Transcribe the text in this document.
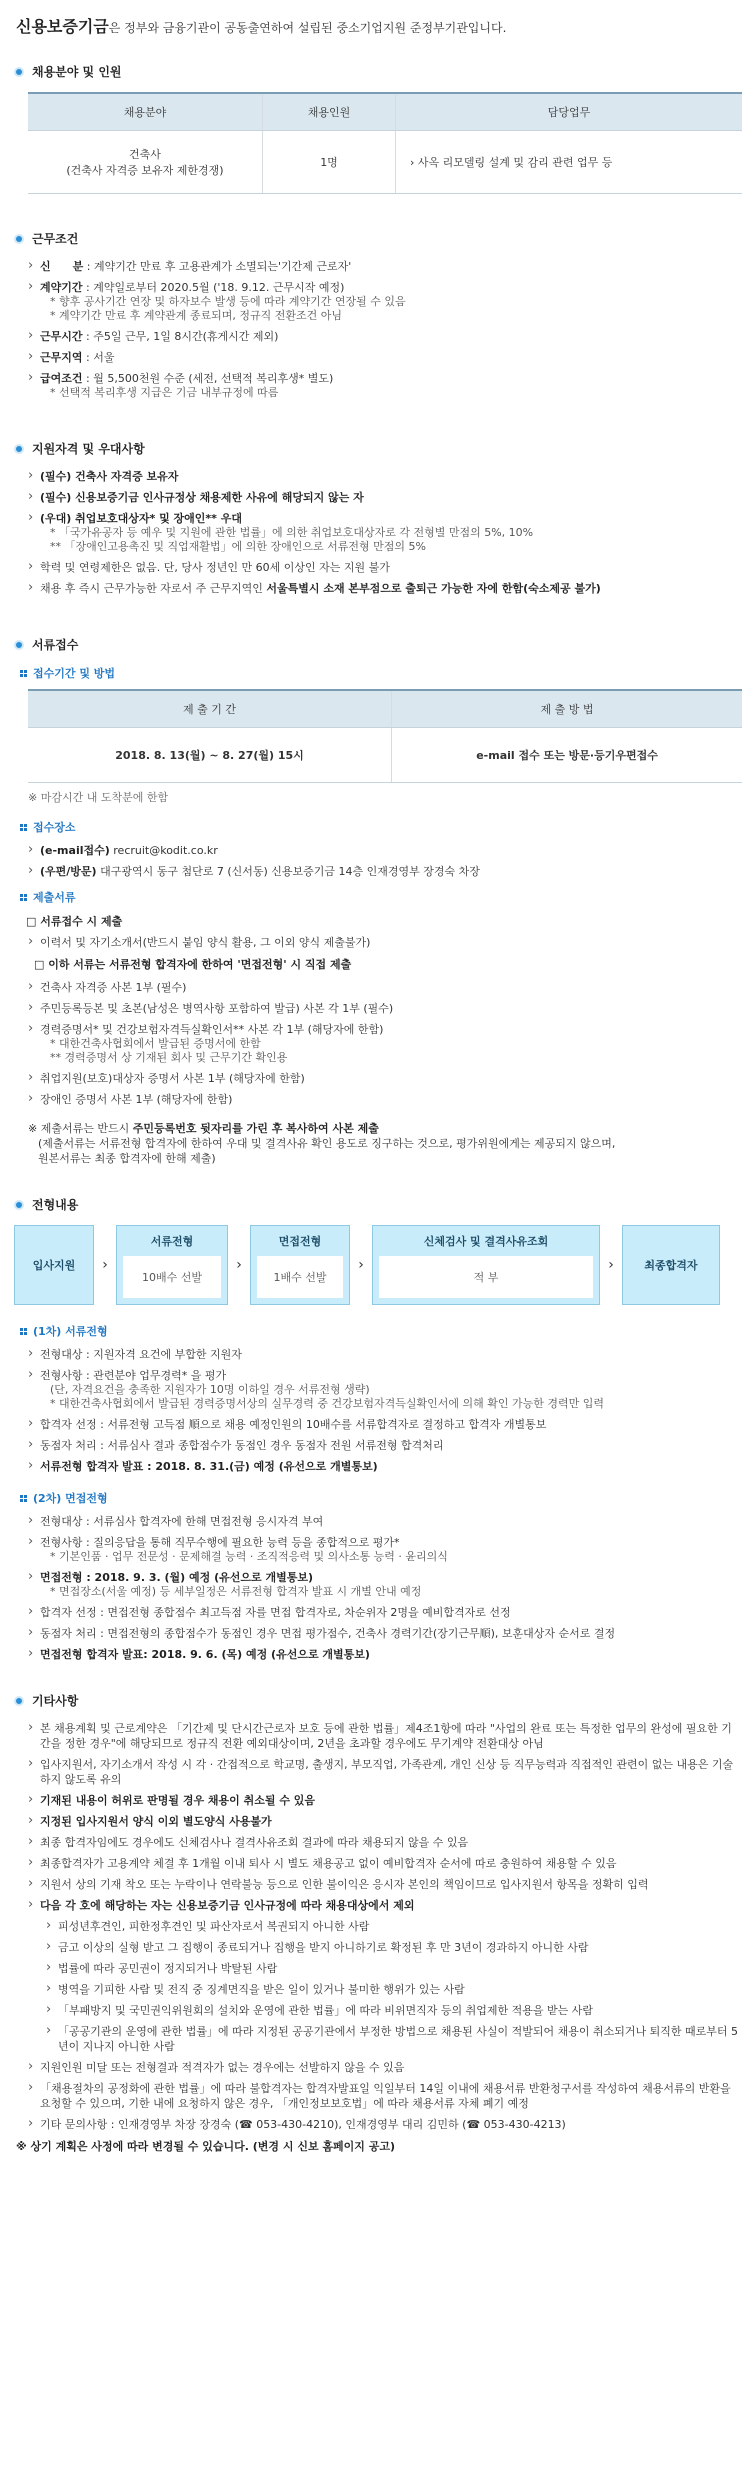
신용보증기금은 정부와 금융기관이 공동출연하여 설립된 중소기업지원 준정부기관입니다.
채용분야 및 인원
채용분야	채용인원	담당업무

건축사
(건축사 자격증 보유자 제한경쟁)	1명	› 사옥 리모델링 설계 및 감리 관련 업무 등
근무조건
› 신　　분 : 계약기간 만료 후 고용관계가 소멸되는'기간제 근로자'
› 계약기간 : 계약일로부터 2020.5월 ('18. 9.12. 근무시작 예정)
* 향후 공사기간 연장 및 하자보수 발생 등에 따라 계약기간 연장될 수 있음
* 계약기간 만료 후 계약관계 종료되며, 정규직 전환조건 아님
› 근무시간 : 주5일 근무, 1일 8시간(휴게시간 제외)
› 근무지역 : 서울
› 급여조건 : 월 5,500천원 수준 (세전, 선택적 복리후생* 별도)
* 선택적 복리후생 지급은 기금 내부규정에 따름
지원자격 및 우대사항
› (필수) 건축사 자격증 보유자
› (필수) 신용보증기금 인사규정상 채용제한 사유에 해당되지 않는 자
› (우대) 취업보호대상자* 및 장애인** 우대
* 「국가유공자 등 예우 및 지원에 관한 법률」에 의한 취업보호대상자로 각 전형별 만점의 5%, 10%
** 「장애인고용촉진 및 직업재활법」에 의한 장애인으로 서류전형 만점의 5%
› 학력 및 연령제한은 없음. 단, 당사 정년인 만 60세 이상인 자는 지원 불가
› 채용 후 즉시 근무가능한 자로서 주 근무지역인 서울특별시 소재 본부점으로 출퇴근 가능한 자에 한함(숙소제공 불가)
서류접수
접수기간 및 방법
제 출 기 간	제 출 방 법
2018. 8. 13(월) ~ 8. 27(월) 15시	e-mail 접수 또는 방문·등기우편접수
※ 마감시간 내 도착분에 한함
접수장소
› (e-mail접수) recruit@kodit.co.kr
› (우편/방문) 대구광역시 동구 첨단로 7 (신서동) 신용보증기금 14층 인재경영부 장경숙 차장
제출서류
□ 서류접수 시 제출
› 이력서 및 자기소개서(반드시 붙임 양식 활용, 그 이외 양식 제출불가)
□ 이하 서류는 서류전형 합격자에 한하여 '면접전형' 시 직접 제출
› 건축사 자격증 사본 1부 (필수)
› 주민등록등본 및 초본(남성은 병역사항 포함하여 발급) 사본 각 1부 (필수)
› 경력증명서* 및 건강보험자격득실확인서** 사본 각 1부 (해당자에 한함)
* 대한건축사협회에서 발급된 증명서에 한함
** 경력증명서 상 기재된 회사 및 근무기간 확인용
› 취업지원(보호)대상자 증명서 사본 1부 (해당자에 한함)
› 장애인 증명서 사본 1부 (해당자에 한함)
※ 제출서류는 반드시 주민등록번호 뒷자리를 가린 후 복사하여 사본 제출
(제출서류는 서류전형 합격자에 한하여 우대 및 결격사유 확인 용도로 징구하는 것으로, 평가위원에게는 제공되지 않으며,
원본서류는 최종 합격자에 한해 제출)
전형내용
입사지원	›
서류전형
10배수 선발
›
면접전형
1배수 선발
›
신체검사 및 결격사유조회
적 부
›	최종합격자
(1차) 서류전형
› 전형대상 : 지원자격 요건에 부합한 지원자
› 전형사항 : 관련분야 업무경력* 을 평가
(단, 자격요건을 충족한 지원자가 10명 이하일 경우 서류전형 생략)
* 대한건축사협회에서 발급된 경력증명서상의 실무경력 중 건강보험자격득실확인서에 의해 확인 가능한 경력만 입력
› 합격자 선정 : 서류전형 고득점 順으로 채용 예정인원의 10배수를 서류합격자로 결정하고 합격자 개별통보
› 동점자 처리 : 서류심사 결과 종합점수가 동점인 경우 동점자 전원 서류전형 합격처리
› 서류전형 합격자 발표 : 2018. 8. 31.(금) 예정 (유선으로 개별통보)
(2차) 면접전형
› 전형대상 : 서류심사 합격자에 한해 면접전형 응시자격 부여
› 전형사항 : 질의응답을 통해 직무수행에 필요한 능력 등을 종합적으로 평가*
* 기본인품 · 업무 전문성 · 문제해결 능력 · 조직적응력 및 의사소통 능력 · 윤리의식
› 면접전형 : 2018. 9. 3. (월) 예정 (유선으로 개별통보)
* 면접장소(서울 예정) 등 세부일정은 서류전형 합격자 발표 시 개별 안내 예정
› 합격자 선정 : 면접전형 종합점수 최고득점 자를 면접 합격자로, 차순위자 2명을 예비합격자로 선정
› 동점자 처리 : 면접전형의 종합점수가 동점인 경우 면접 평가점수, 건축사 경력기간(장기근무順), 보훈대상자 순서로 결정
› 면접전형 합격자 발표: 2018. 9. 6. (목) 예정 (유선으로 개별통보)
기타사항
› 본 채용계획 및 근로계약은 「기간제 및 단시간근로자 보호 등에 관한 법률」제4조1항에 따라 "사업의 완료 또는 특정한 업무의 완성에 필요한 기간을 정한 경우"에 해당되므로 정규직 전환 예외대상이며, 2년을 초과할 경우에도 무기계약 전환대상 아님
› 입사지원서, 자기소개서 작성 시 각 · 간접적으로 학교명, 출생지, 부모직업, 가족관계, 개인 신상 등 직무능력과 직접적인 관련이 없는 내용은 기술하지 않도록 유의
› 기재된 내용이 허위로 판명될 경우 채용이 취소될 수 있음
› 지정된 입사지원서 양식 이외 별도양식 사용불가
› 최종 합격자임에도 경우에도 신체검사나 결격사유조회 결과에 따라 채용되지 않을 수 있음
› 최종합격자가 고용계약 체결 후 1개월 이내 퇴사 시 별도 채용공고 없이 예비합격자 순서에 따로 충원하여 채용할 수 있음
› 지원서 상의 기재 착오 또는 누락이나 연락불능 등으로 인한 불이익은 응시자 본인의 책임이므로 입사지원서 항목을 정확히 입력
› 다음 각 호에 해당하는 자는 신용보증기금 인사규정에 따라 채용대상에서 제외
› 피성년후견인, 피한정후견인 및 파산자로서 복권되지 아니한 사람
› 금고 이상의 실형 받고 그 집행이 종료되거나 집행을 받지 아니하기로 확정된 후 만 3년이 경과하지 아니한 사람
› 법률에 따라 공민권이 정지되거나 박탈된 사람
› 병역을 기피한 사람 및 전직 중 징계면직을 받은 일이 있거나 불미한 행위가 있는 사람
› 「부패방지 및 국민권익위원회의 설치와 운영에 관한 법률」에 따라 비위면직자 등의 취업제한 적용을 받는 사람
› 「공공기관의 운영에 관한 법률」에 따라 지정된 공공기관에서 부정한 방법으로 채용된 사실이 적발되어 채용이 취소되거나 퇴직한 때로부터 5년이 지나지 아니한 사람
› 지원인원 미달 또는 전형결과 적격자가 없는 경우에는 선발하지 않을 수 있음
› 「채용절차의 공정화에 관한 법률」에 따라 불합격자는 합격자발표일 익일부터 14일 이내에 채용서류 반환청구서를 작성하여 채용서류의 반환을 요청할 수 있으며, 기한 내에 요청하지 않은 경우, 「개인정보보호법」에 따라 채용서류 자체 폐기 예정
› 기타 문의사항 : 인재경영부 차장 장경숙 (☎ 053-430-4210), 인재경영부 대리 김민하 (☎ 053-430-4213)
※ 상기 계획은 사정에 따라 변경될 수 있습니다. (변경 시 신보 홈페이지 공고)
